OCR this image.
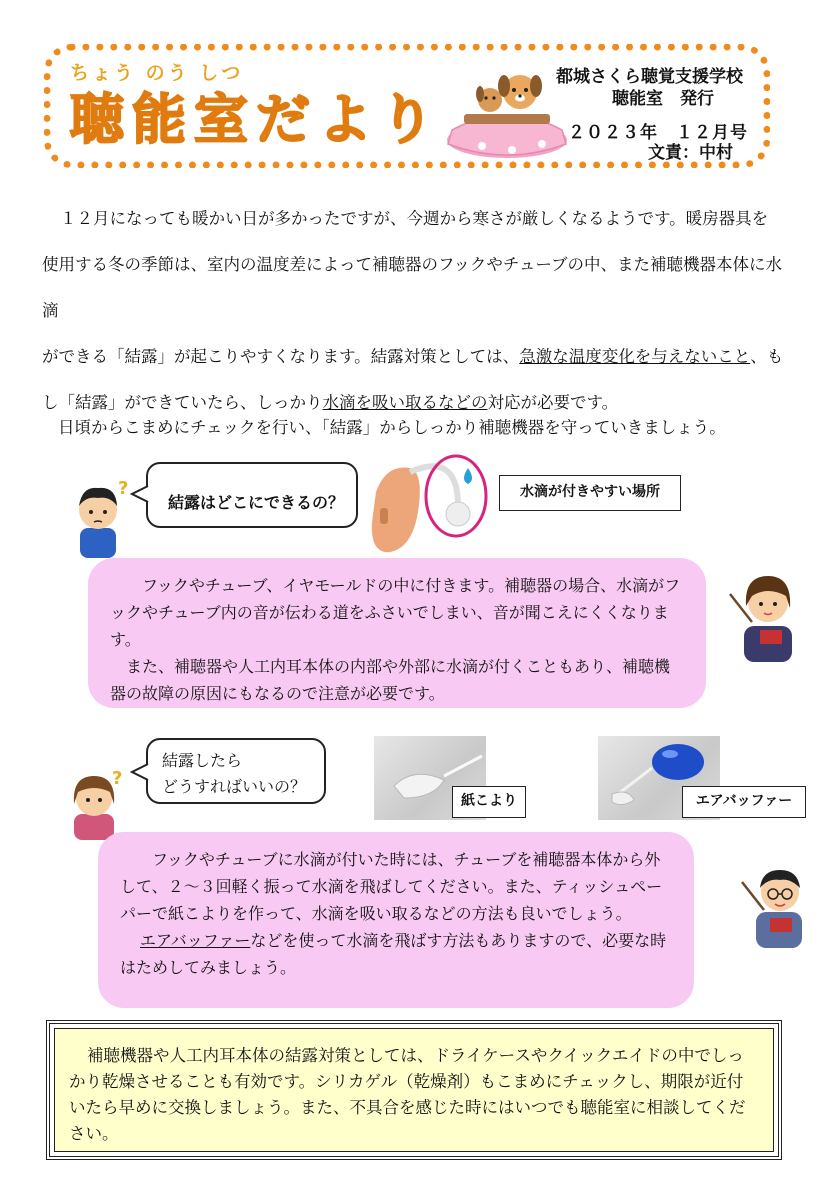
ちょう のう しつ
聴能室だより
都城さくら聴覚支援学校
聴能室　発行
２０２３年　１２月号
文責：中村

１２月になっても暖かい日が多かったですが、今週から寒さが厳しくなるようです。暖房器具を

使用する冬の季節は、室内の温度差によって補聴器のフックやチューブの中、また補聴機器本体に水滴

ができる「結露」が起こりやすくなります。結露対策としては、急激な温度変化を与えないこと、も

し「結露」ができていたら、しっかり水滴を吸い取るなどの対応が必要です。

日頃からこまめにチェックを行い、「結露」からしっかり補聴機器を守っていきましょう。
?
結露はどこにできるの？
水滴が付きやすい場所

フックやチューブ、イヤモールドの中に付きます。補聴器の場合、水滴がフックやチューブ内の音が伝わる道をふさいでしまい、音が聞こえにくくなります。

また、補聴器や人工内耳本体の内部や外部に水滴が付くこともあり、補聴機器の故障の原因にもなるので注意が必要です。

結露したら
どうすればいいの？
?
紙こより	エアバッファー

フックやチューブに水滴が付いた時には、チューブを補聴器本体から外して、２～３回軽く振って水滴を飛ばしてください。また、ティッシュペーパーで紙こよりを作って、水滴を吸い取るなどの方法も良いでしょう。

エアバッファーなどを使って水滴を飛ばす方法もありますので、必要な時はためしてみましょう。

補聴機器や人工内耳本体の結露対策としては、ドライケースやクイックエイドの中でしっかり乾燥させることも有効です。シリカゲル（乾燥剤）もこまめにチェックし、期限が近付いたら早めに交換しましょう。また、不具合を感じた時にはいつでも聴能室に相談してください。
